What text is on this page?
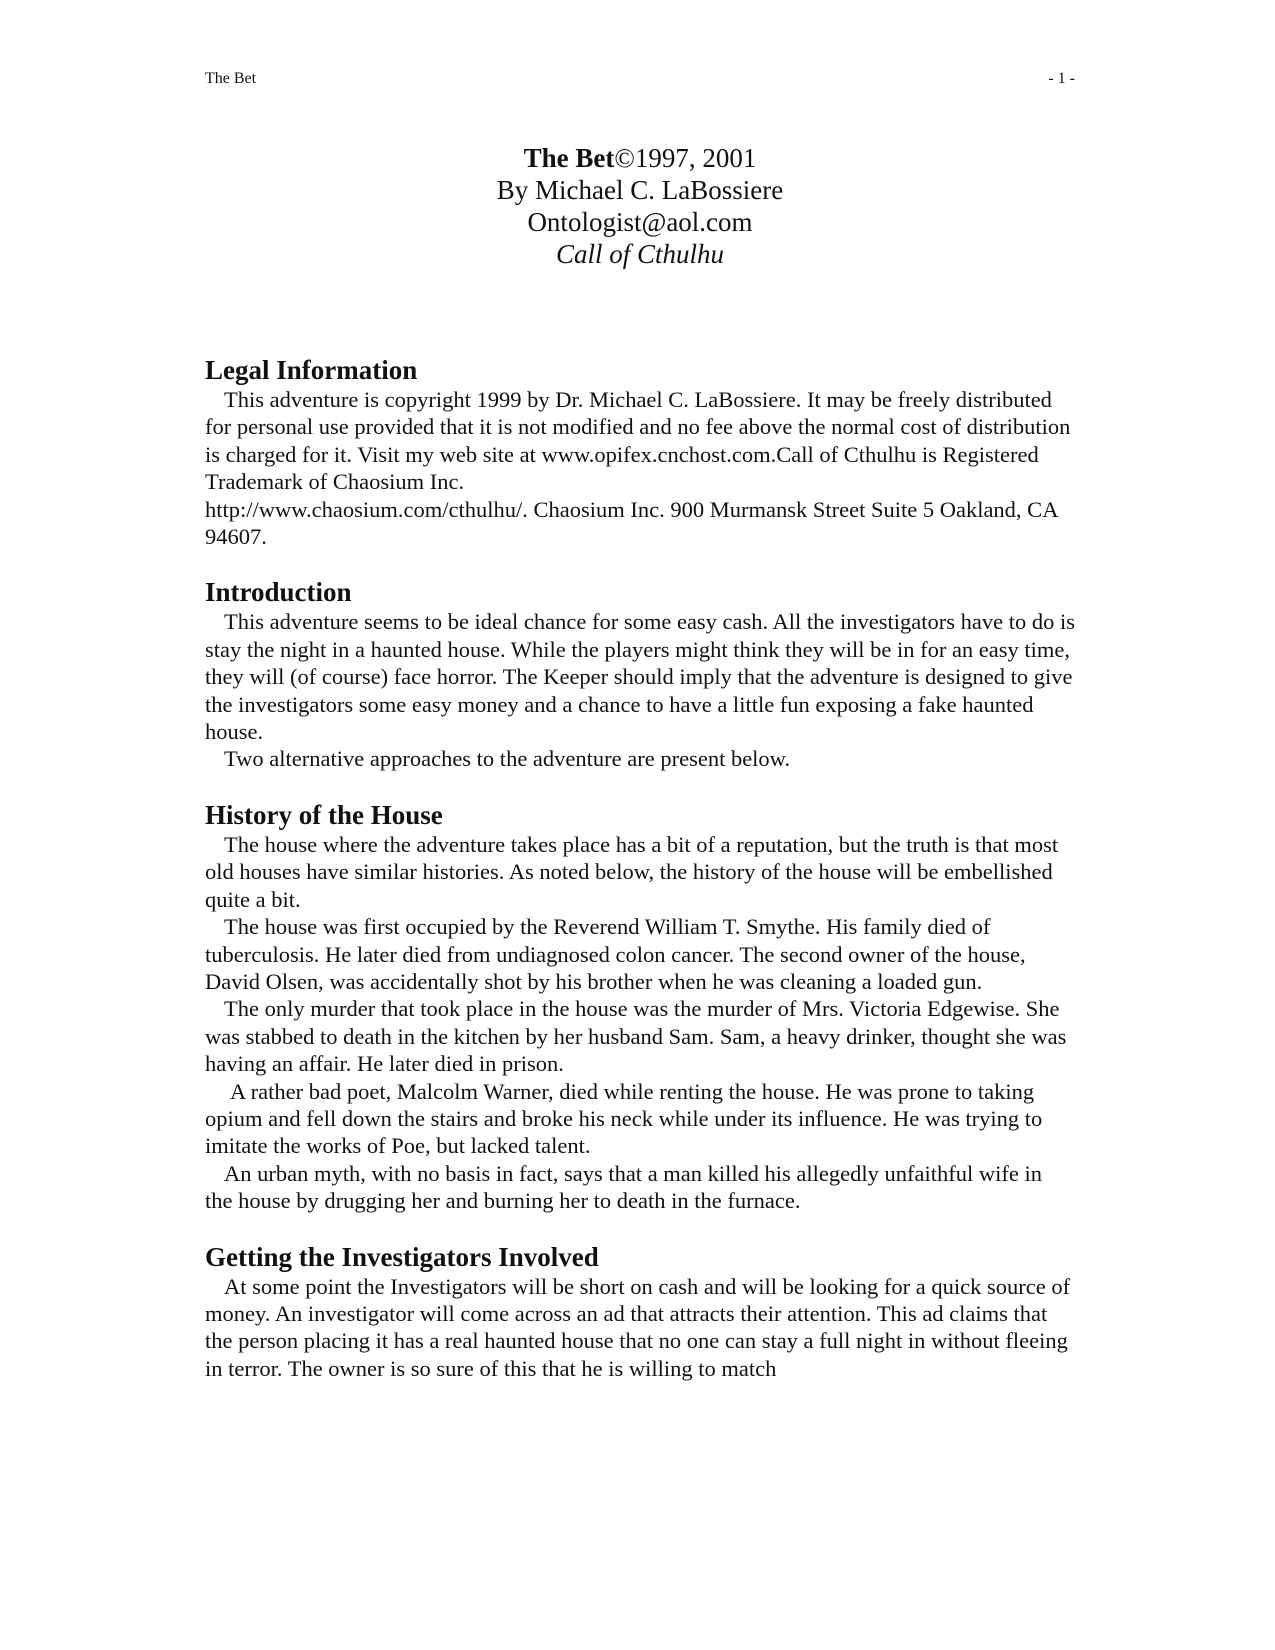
The Bet	- 1 -
The Bet©1997, 2001
By Michael C. LaBossiere
Ontologist@aol.com
Call of Cthulhu
Legal Information

This adventure is copyright 1999 by Dr. Michael C. LaBossiere. It may be freely distributed for personal use provided that it is not modified and no fee above the normal cost of distribution is charged for it. Visit my web site at www.opifex.cnchost.com.Call of Cthulhu is Registered Trademark of Chaosium Inc.

http://www.chaosium.com/cthulhu/. Chaosium Inc. 900 Murmansk Street Suite 5 Oakland, CA 94607.

Introduction

This adventure seems to be ideal chance for some easy cash. All the investigators have to do is stay the night in a haunted house. While the players might think they will be in for an easy time, they will (of course) face horror. The Keeper should imply that the adventure is designed to give the investigators some easy money and a chance to have a little fun exposing a fake haunted house.

Two alternative approaches to the adventure are present below.

History of the House

The house where the adventure takes place has a bit of a reputation, but the truth is that most old houses have similar histories. As noted below, the history of the house will be embellished quite a bit.

The house was first occupied by the Reverend William T. Smythe. His family died of tuberculosis. He later died from undiagnosed colon cancer. The second owner of the house, David Olsen, was accidentally shot by his brother when he was cleaning a loaded gun.

The only murder that took place in the house was the murder of Mrs. Victoria Edgewise. She was stabbed to death in the kitchen by her husband Sam. Sam, a heavy drinker, thought she was having an affair. He later died in prison.

A rather bad poet, Malcolm Warner, died while renting the house. He was prone to taking opium and fell down the stairs and broke his neck while under its influence. He was trying to imitate the works of Poe, but lacked talent.

An urban myth, with no basis in fact, says that a man killed his allegedly unfaithful wife in the house by drugging her and burning her to death in the furnace.

Getting the Investigators Involved

At some point the Investigators will be short on cash and will be looking for a quick source of money. An investigator will come across an ad that attracts their attention. This ad claims that the person placing it has a real haunted house that no one can stay a full night in without fleeing in terror. The owner is so sure of this that he is willing to match
